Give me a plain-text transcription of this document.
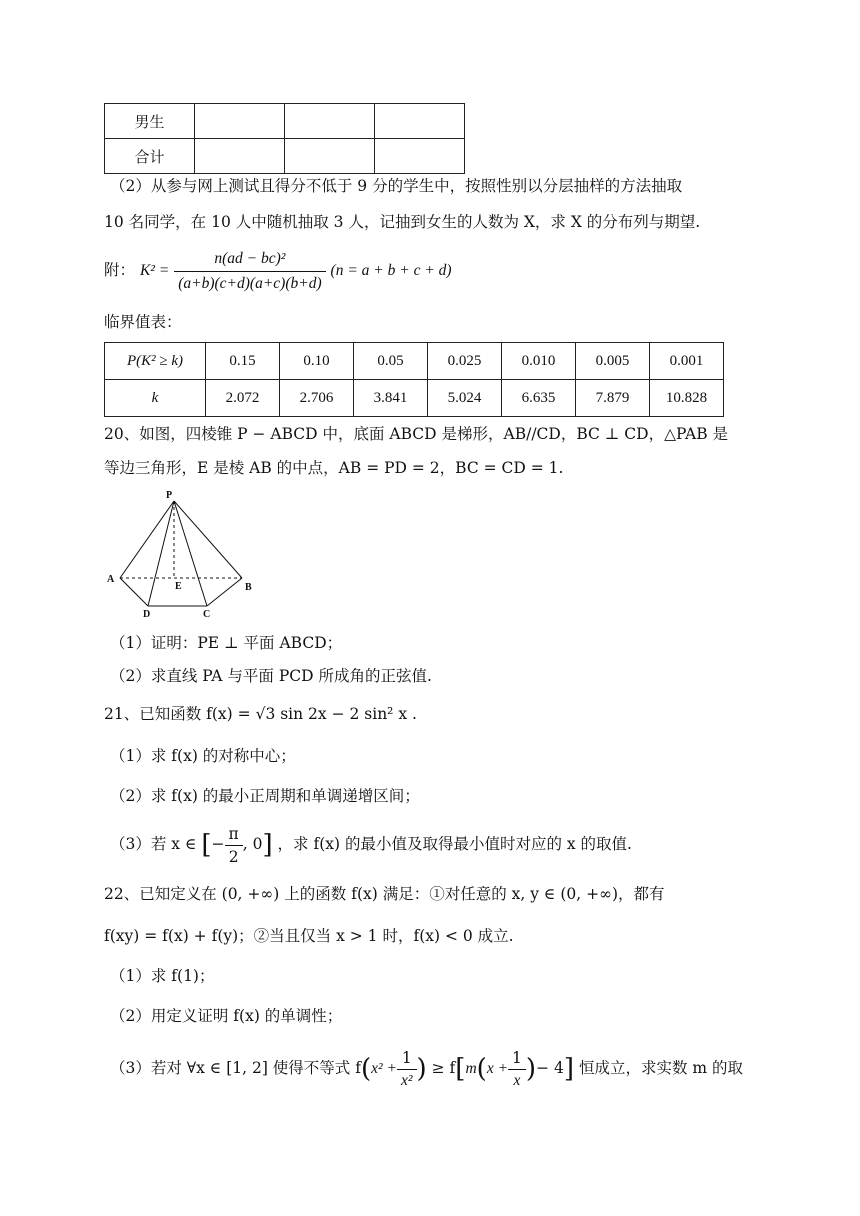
男生			
合计			
（2）从参与网上测试且得分不低于 9 分的学生中，按照性别以分层抽样的方法抽取
10 名同学，在 10 人中随机抽取 3 人，记抽到女生的人数为 X，求 X 的分布列与期望.
附： $K^2 = \frac{\text{n(ad − bc)²}}{(a+b)(c+d)(a+c)(b+d)} (n = a + b + c + d)$
临界值表：
P(K² ≥ k)	0.15	0.10	0.05	0.025	0.010	0.005	0.001
k	2.072	2.706	3.841	5.024	6.635	7.879	10.828
20、如图，四棱锥 P − ABCD 中，底面 ABCD 是梯形，AB//CD，BC ⊥ CD，△PAB 是
等边三角形，E 是棱 AB 的中点，AB = PD = 2，BC = CD = 1.
P
A
B
C
D
E
（1）证明：PE ⊥ 平面 ABCD；
（2）求直线 PA 与平面 PCD 所成角的正弦值.
21、已知函数 f(x) = √3 sin 2x − 2 sin² x .
（1）求 f(x) 的对称中心；
（2）求 f(x) 的最小正周期和单调递增区间；
（3）若 x ∈ [− $\frac{\pi}{2}$ , 0] ，求 f(x) 的最小值及取得最小值时对应的 x 的取值.
22、已知定义在 (0, +∞) 上的函数 f(x) 满足：①对任意的 x, y ∈ (0, +∞)，都有
f(xy) = f(x) + f(y)；②当且仅当 x > 1 时，f(x) < 0 成立.
（1）求 f(1)；
（2）用定义证明 f(x) 的单调性；
（3）若对 ∀x ∈ [1, 2] 使得不等式 $f(x^2 + \frac{1}{\text{x²}}$ ) ≥ $f[m(x + \frac{1}{x}$ )− 4] 恒成立，求实数 m 的取
